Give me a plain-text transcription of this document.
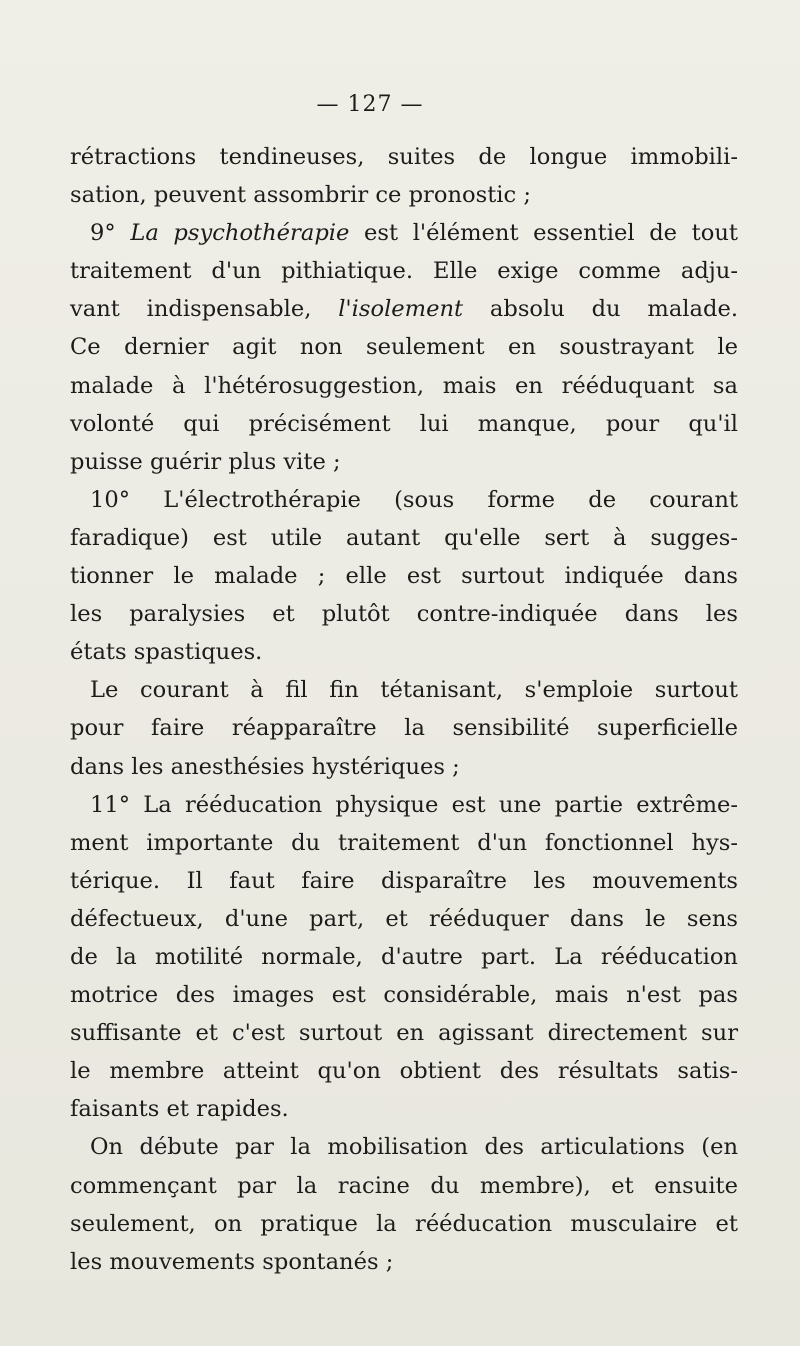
— 127 —
rétractions tendineuses, suites de longue immobili-
sation, peuvent assombrir ce pronostic ;
9° La psychothérapie est l'élément essentiel de tout
traitement d'un pithiatique. Elle exige comme adju-
vant indispensable, l'isolement absolu du malade.
Ce dernier agit non seulement en soustrayant le
malade à l'hétérosuggestion, mais en rééduquant sa
volonté qui précisément lui manque, pour qu'il
puisse guérir plus vite ;
10° L'électrothérapie (sous forme de courant
faradique) est utile autant qu'elle sert à sugges-
tionner le malade ; elle est surtout indiquée dans
les paralysies et plutôt contre-indiquée dans les
états spastiques.
Le courant à fil fin tétanisant, s'emploie surtout
pour faire réapparaître la sensibilité superficielle
dans les anesthésies hystériques ;
11° La rééducation physique est une partie extrême-
ment importante du traitement d'un fonctionnel hys-
térique. Il faut faire disparaître les mouvements
défectueux, d'une part, et rééduquer dans le sens
de la motilité normale, d'autre part. La rééducation
motrice des images est considérable, mais n'est pas
suffisante et c'est surtout en agissant directement sur
le membre atteint qu'on obtient des résultats satis-
faisants et rapides.
On débute par la mobilisation des articulations (en
commençant par la racine du membre), et ensuite
seulement, on pratique la rééducation musculaire et
les mouvements spontanés ;
